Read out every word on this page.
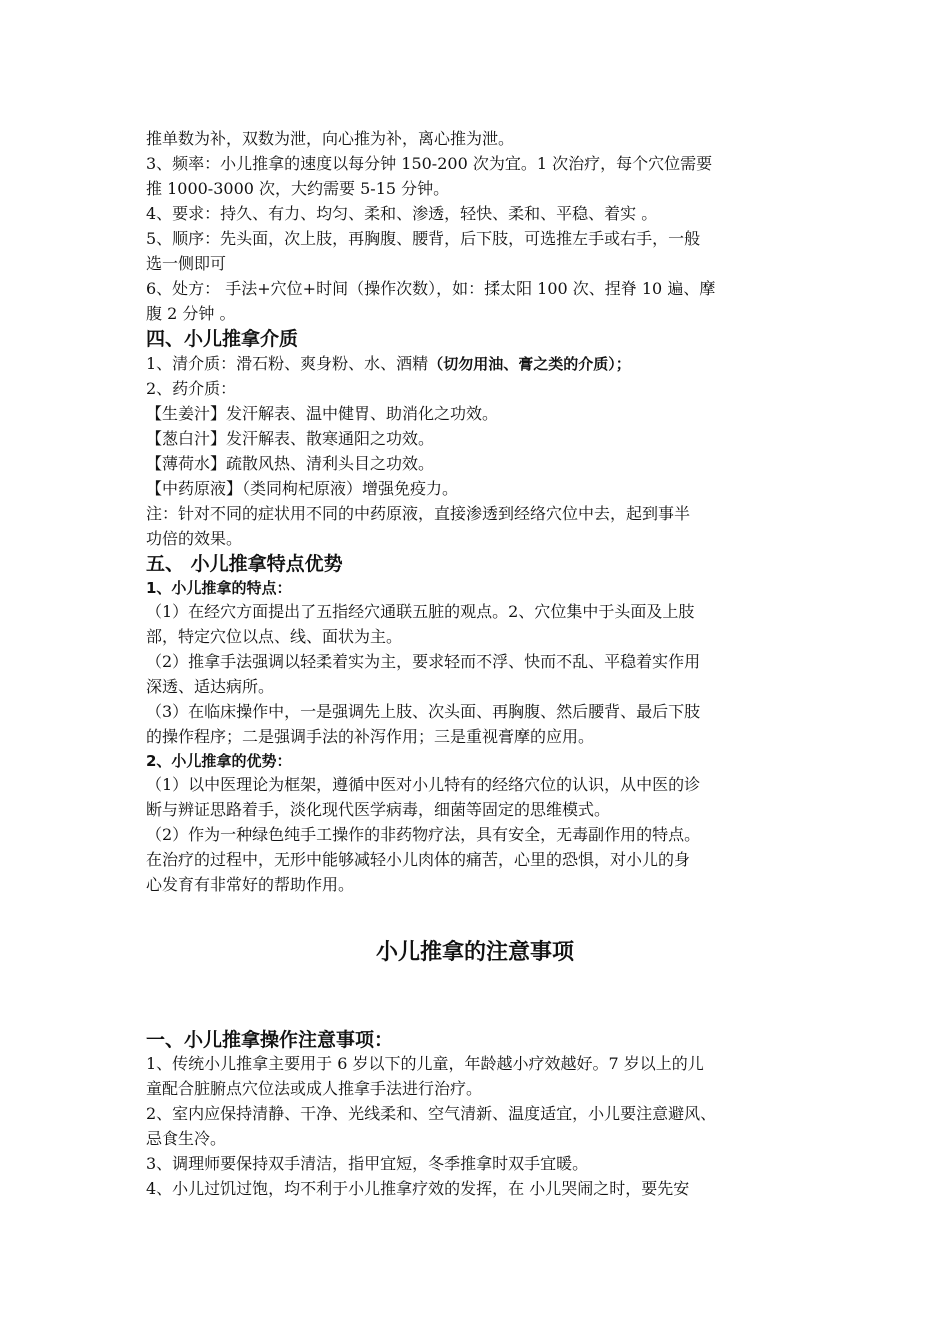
推单数为补，双数为泄，向心推为补，离心推为泄。
3、频率：小儿推拿的速度以每分钟 150-200 次为宜。1 次治疗，每个穴位需要
推 1000-3000 次，大约需要 5-15 分钟。
4、要求：持久、有力、均匀、柔和、渗透，轻快、柔和、平稳、着实 。
5、顺序：先头面，次上肢，再胸腹、腰背，后下肢，可选推左手或右手，一般
选一侧即可
6、处方： 手法+穴位+时间（操作次数），如：揉太阳 100 次、捏脊 10 遍、摩
腹 2 分钟 。
四、小儿推拿介质
1、清介质：滑石粉、爽身粉、水、酒精（切勿用油、膏之类的介质）；
2、药介质：
【生姜汁】发汗解表、温中健胃、助消化之功效。
【葱白汁】发汗解表、散寒通阳之功效。
【薄荷水】疏散风热、清利头目之功效。
【中药原液】（类同枸杞原液）增强免疫力。
注：针对不同的症状用不同的中药原液，直接渗透到经络穴位中去，起到事半
功倍的效果。
五、 小儿推拿特点优势
1、小儿推拿的特点：
（1）在经穴方面提出了五指经穴通联五脏的观点。2、穴位集中于头面及上肢
部，特定穴位以点、线、面状为主。
（2）推拿手法强调以轻柔着实为主，要求轻而不浮、快而不乱、平稳着实作用
深透、适达病所。
（3）在临床操作中，一是强调先上肢、次头面、再胸腹、然后腰背、最后下肢
的操作程序；二是强调手法的补泻作用；三是重视膏摩的应用。
2、小儿推拿的优势：
（1）以中医理论为框架，遵循中医对小儿特有的经络穴位的认识，从中医的诊
断与辨证思路着手，淡化现代医学病毒，细菌等固定的思维模式。
（2）作为一种绿色纯手工操作的非药物疗法，具有安全，无毒副作用的特点。
在治疗的过程中，无形中能够减轻小儿肉体的痛苦，心里的恐惧，对小儿的身
心发育有非常好的帮助作用。
小儿推拿的注意事项
一、小儿推拿操作注意事项：
1、传统小儿推拿主要用于 6 岁以下的儿童，年龄越小疗效越好。7 岁以上的儿
童配合脏腑点穴位法或成人推拿手法进行治疗。
2、室内应保持清静、干净、光线柔和、空气清新、温度适宜，小儿要注意避风、
忌食生冷。
3、调理师要保持双手清洁，指甲宜短，冬季推拿时双手宜暖。
4、小儿过饥过饱，均不利于小儿推拿疗效的发挥，在 小儿哭闹之时，要先安
